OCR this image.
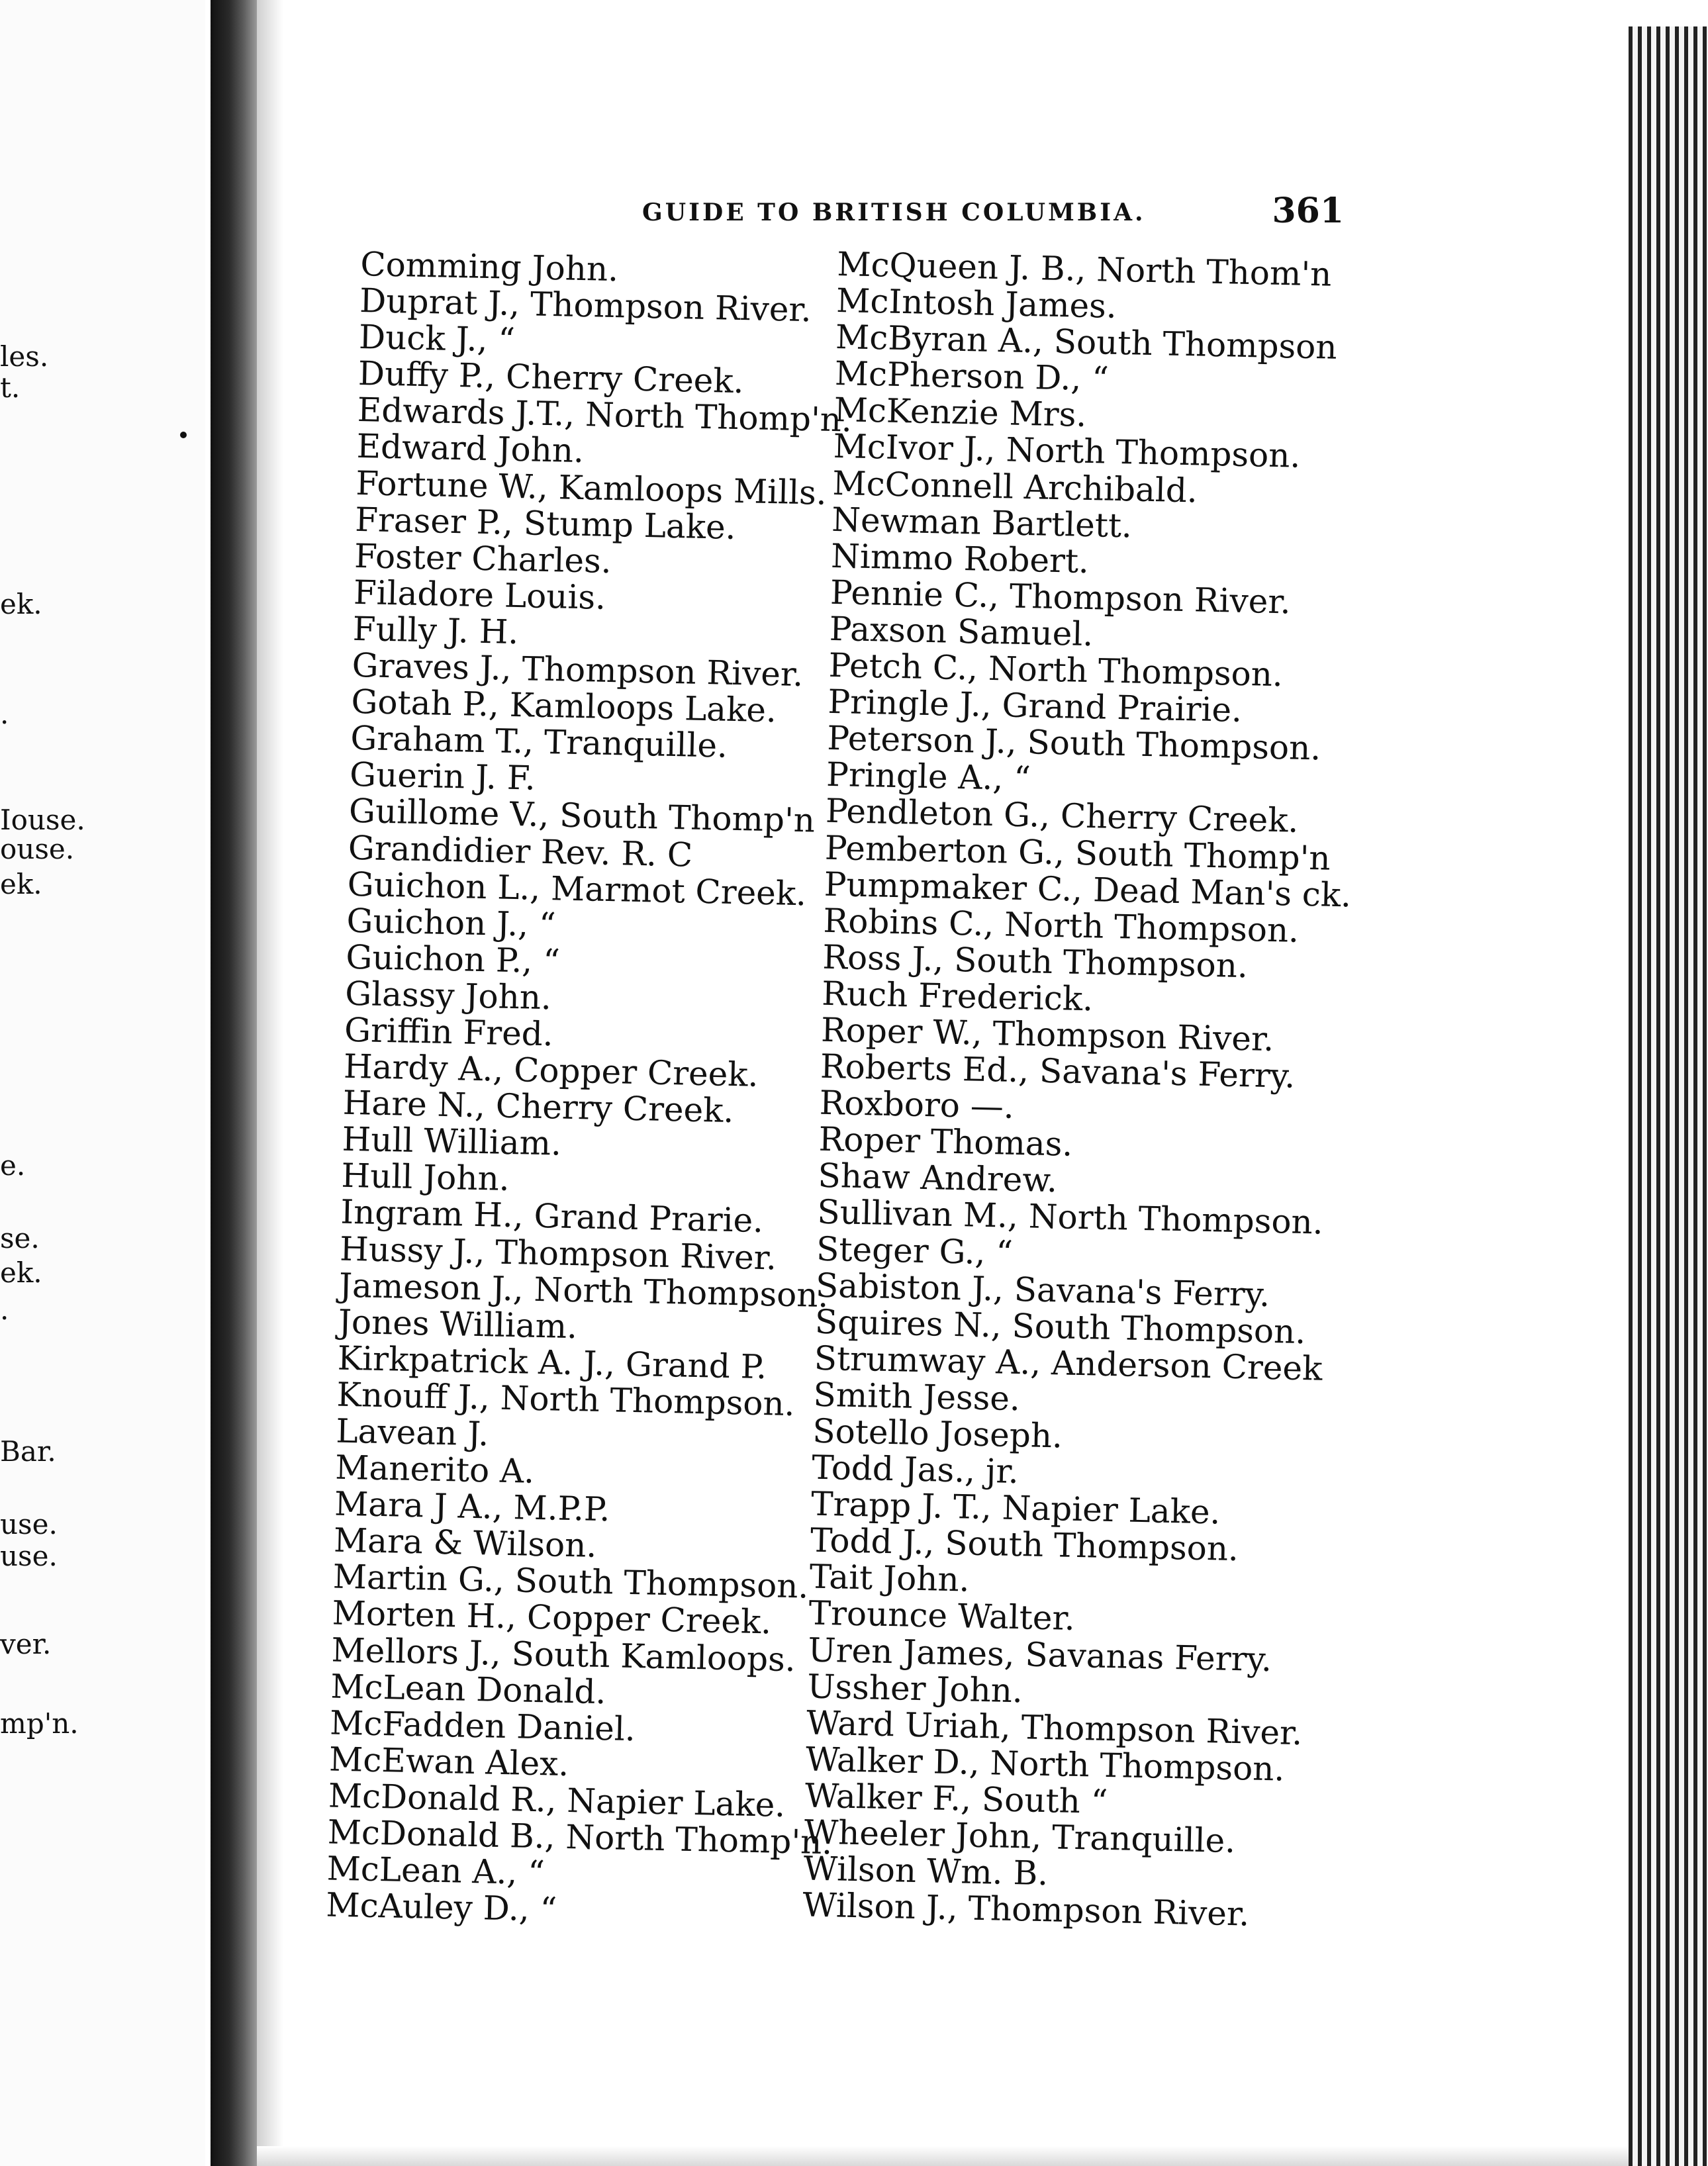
les.
t.
ek.
.
Iouse.
ouse.
ek.
e.
se.
ek.
.
Bar.
use.
use.
ver.
mp'n.
GUIDE TO BRITISH COLUMBIA.	361
Comming John.
Duprat J., Thompson River.
Duck J., “
Duffy P., Cherry Creek.
Edwards J.T., North Thomp'n.
Edward John.
Fortune W., Kamloops Mills.
Fraser P., Stump Lake.
Foster Charles.
Filadore Louis.
Fully J. H.
Graves J., Thompson River.
Gotah P., Kamloops Lake.
Graham T., Tranquille.
Guerin J. F.
Guillome V., South Thomp'n
Grandidier Rev. R. C
Guichon L., Marmot Creek.
Guichon J., “
Guichon P., “
Glassy John.
Griffin Fred.
Hardy A., Copper Creek.
Hare N., Cherry Creek.
Hull William.
Hull John.
Ingram H., Grand Prarie.
Hussy J., Thompson River.
Jameson J., North Thompson.
Jones William.
Kirkpatrick A. J., Grand P.
Knouff J., North Thompson.
Lavean J.
Manerito A.
Mara J A., M.P.P.
Mara & Wilson.
Martin G., South Thompson.
Morten H., Copper Creek.
Mellors J., South Kamloops.
McLean Donald.
McFadden Daniel.
McEwan Alex.
McDonald R., Napier Lake.
McDonald B., North Thomp'n.
McLean A., “
McAuley D., “
McQueen J. B., North Thom'n
McIntosh James.
McByran A., South Thompson
McPherson D., “
McKenzie Mrs.
McIvor J., North Thompson.
McConnell Archibald.
Newman Bartlett.
Nimmo Robert.
Pennie C., Thompson River.
Paxson Samuel.
Petch C., North Thompson.
Pringle J., Grand Prairie.
Peterson J., South Thompson.
Pringle A., “
Pendleton G., Cherry Creek.
Pemberton G., South Thomp'n
Pumpmaker C., Dead Man's ck.
Robins C., North Thompson.
Ross J., South Thompson.
Ruch Frederick.
Roper W., Thompson River.
Roberts Ed., Savana's Ferry.
Roxboro —.
Roper Thomas.
Shaw Andrew.
Sullivan M., North Thompson.
Steger G., “
Sabiston J., Savana's Ferry.
Squires N., South Thompson.
Strumway A., Anderson Creek
Smith Jesse.
Sotello Joseph.
Todd Jas., jr.
Trapp J. T., Napier Lake.
Todd J., South Thompson.
Tait John.
Trounce Walter.
Uren James, Savanas Ferry.
Ussher John.
Ward Uriah, Thompson River.
Walker D., North Thompson.
Walker F., South “
Wheeler John, Tranquille.
Wilson Wm. B.
Wilson J., Thompson River.
